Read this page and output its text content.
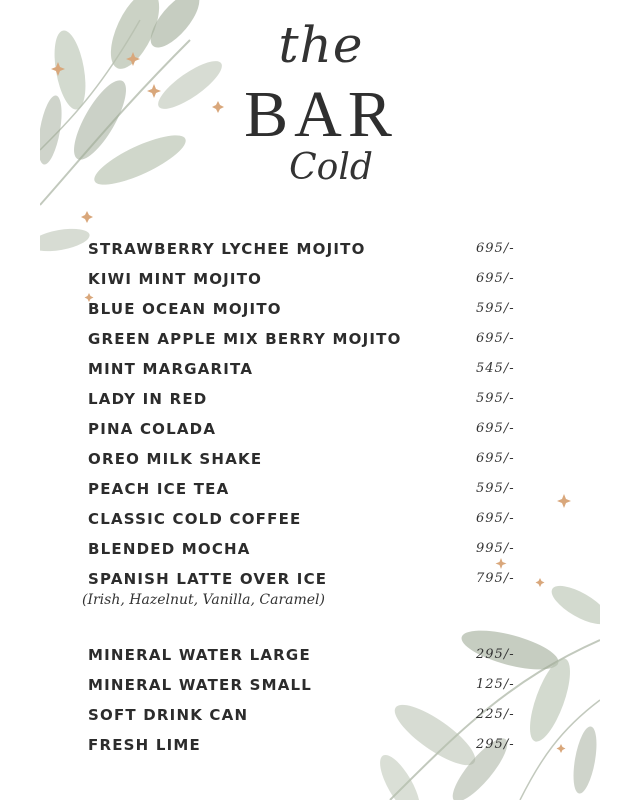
the
BAR
Cold
STRAWBERRY LYCHEE MOJITO	695/-
KIWI MINT MOJITO	695/-
BLUE OCEAN MOJITO	595/-
GREEN APPLE MIX BERRY MOJITO	695/-
MINT MARGARITA	545/-
LADY IN RED	595/-
PINA COLADA	695/-
OREO MILK SHAKE	695/-
PEACH ICE TEA	595/-
CLASSIC COLD COFFEE	695/-
BLENDED MOCHA	995/-
SPANISH LATTE OVER ICE	795/-
(Irish, Hazelnut, Vanilla, Caramel)
MINERAL WATER LARGE	295/-
MINERAL WATER SMALL	125/-
SOFT DRINK CAN	225/-
FRESH LIME	295/-
